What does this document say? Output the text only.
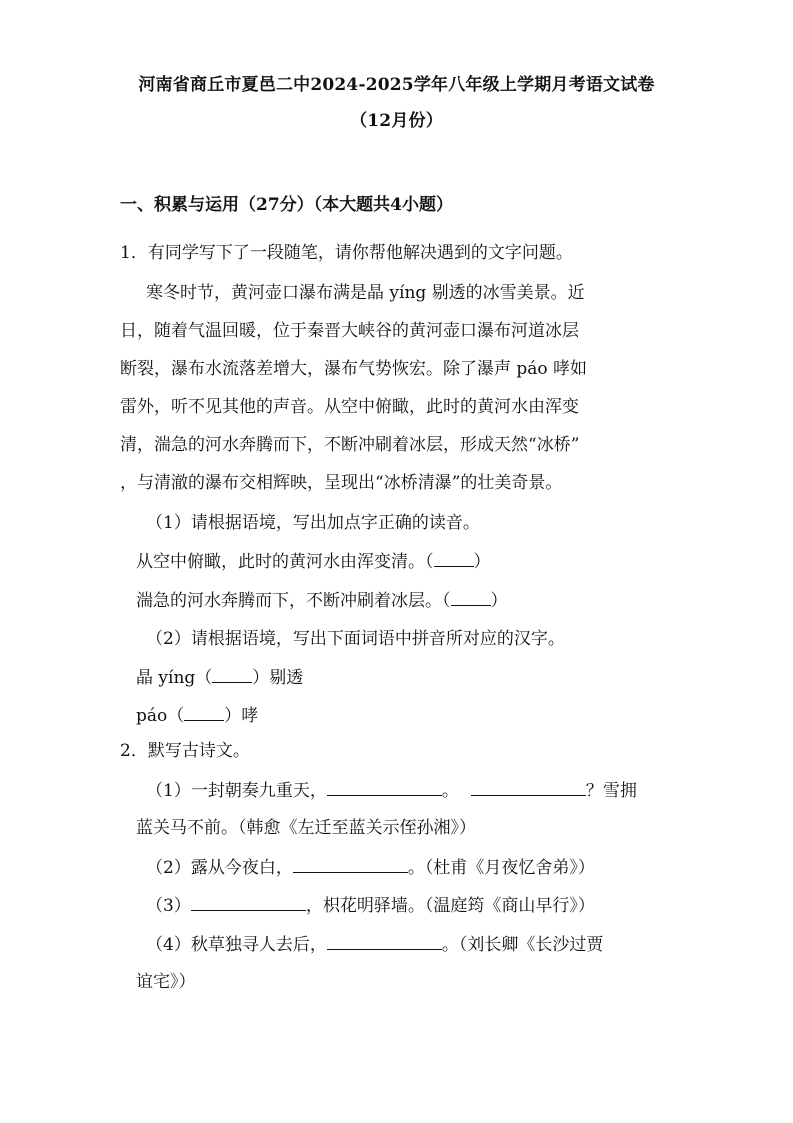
河南省商丘市夏邑二中2024-2025学年八年级上学期月考语文试卷
（12月份）
一、积累与运用（27分）（本大题共4小题）
1．有同学写下了一段随笔，请你帮他解决遇到的文字问题。
寒冬时节，黄河壶口瀑布满是晶 yíng 剔透的冰雪美景。近
日，随着气温回暖，位于秦晋大峡谷的黄河壶口瀑布河道冰层
断裂，瀑布水流落差增大，瀑布气势恢宏。除了瀑声 páo 哮如
雷外，听不见其他的声音。从空中俯瞰，此时的黄河水由浑变
清，湍急的河水奔腾而下，不断冲刷着冰层，形成天然“冰桥”
，与清澈的瀑布交相辉映，呈现出“冰桥清瀑”的壮美奇景。
（1）请根据语境，写出加点字正确的读音。
从空中俯瞰，此时的黄河水由浑变清。（ ）
湍急的河水奔腾而下，不断冲刷着冰层。（ ）
（2）请根据语境，写出下面词语中拼音所对应的汉字。
晶 yíng（ ）剔透
páo（ ）哮
2．默写古诗文。
（1）一封朝奏九重天，	。	？雪拥
蓝关马不前。（韩愈《左迁至蓝关示侄孙湘》）
（2）露从今夜白，	。（杜甫《月夜忆舍弟》）
（3）	，枳花明驿墙。（温庭筠《商山早行》）
（4）秋草独寻人去后，	。（刘长卿《长沙过贾
谊宅》）
